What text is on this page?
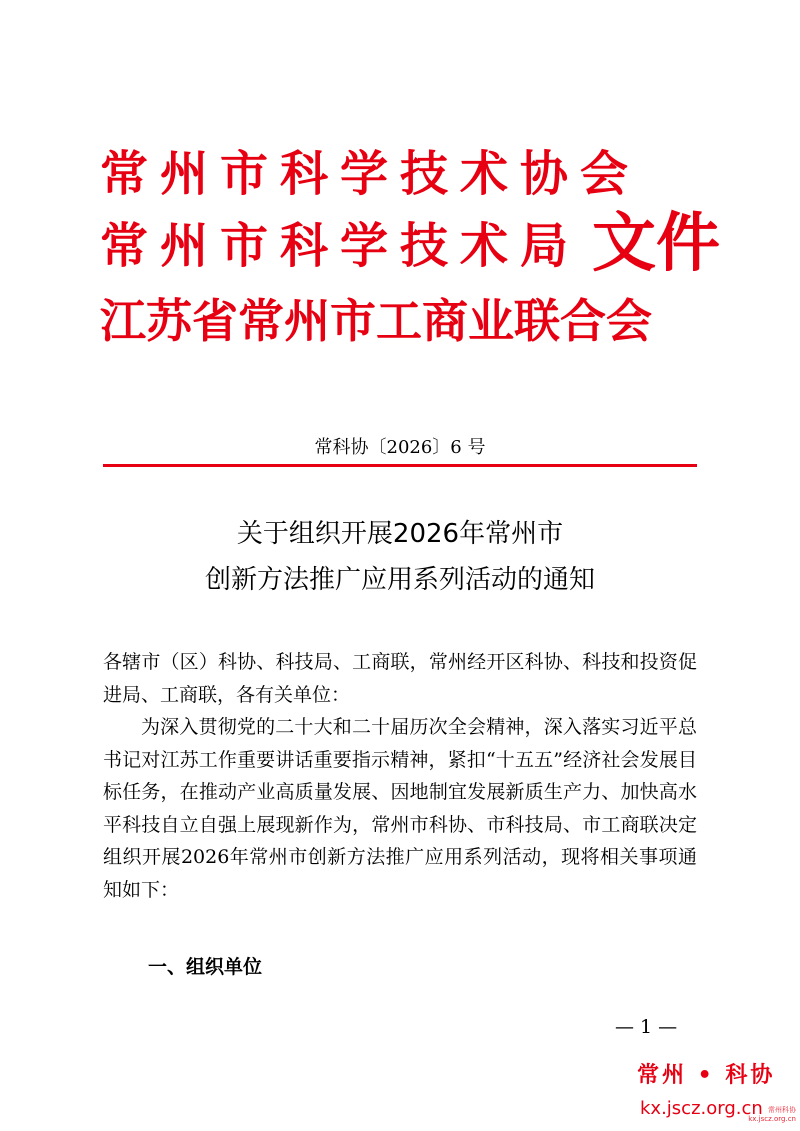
常州市科学技术协会
常州市科学技术局
江苏省常州市工商业联合会
文件
常科协〔2026〕6 号
关于组织开展2026年常州市
创新方法推广应用系列活动的通知

各辖市（区）科协、科技局、工商联，常州经开区科协、科技和投资促进局、工商联，各有关单位：

为深入贯彻党的二十大和二十届历次全会精神，深入落实习近平总书记对江苏工作重要讲话重要指示精神，紧扣“十五五”经济社会发展目标任务，在推动产业高质量发展、因地制宜发展新质生产力、加快高水平科技自立自强上展现新作为，常州市科协、市科技局、市工商联决定组织开展2026年常州市创新方法推广应用系列活动，现将相关事项通知如下：

一、组织单位
— 1 —
常州 • 科协
kx.jscz.org.cn 常州科协
kx.jscz.org.cn
